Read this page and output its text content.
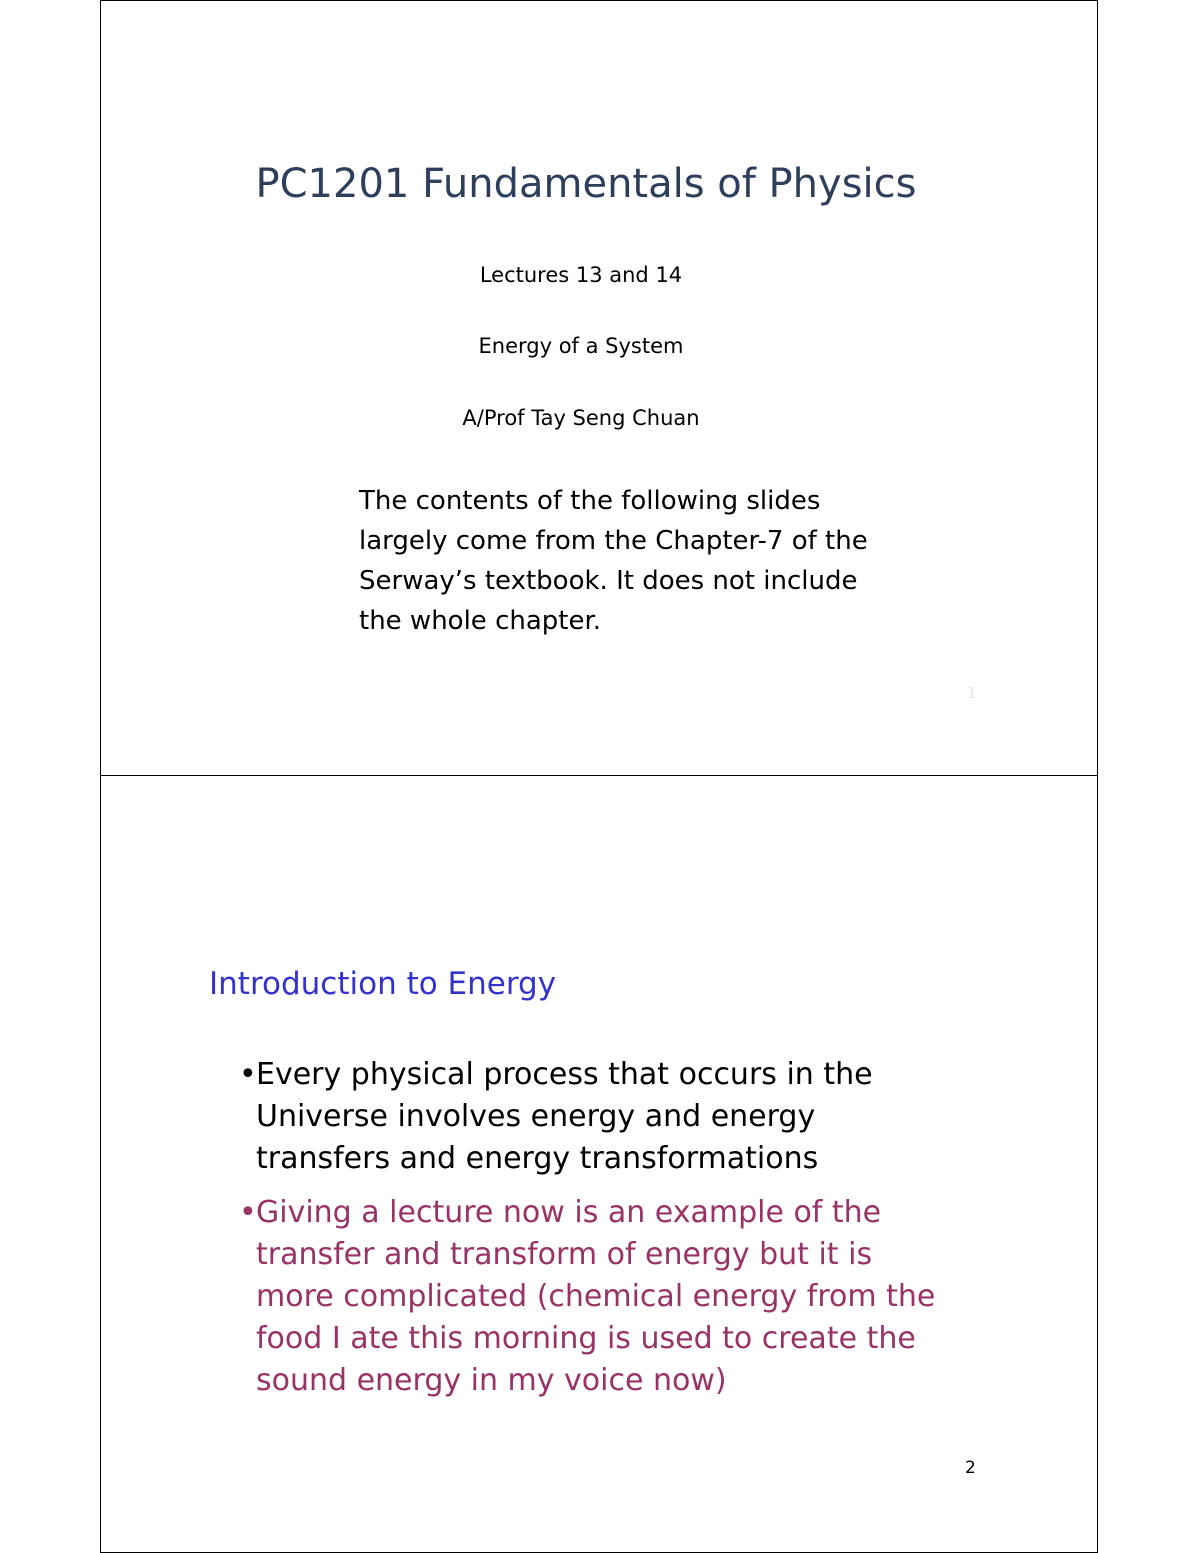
PC1201 Fundamentals of Physics
Lectures 13 and 14
Energy of a System
A/Prof Tay Seng Chuan
The contents of the following slides largely come from the Chapter-7 of the Serway’s textbook. It does not include the whole chapter.
1
Introduction to Energy
• Every physical process that occurs in the Universe involves energy and energy transfers and energy transformations
• Giving a lecture now is an example of the transfer and transform of energy but it is more complicated (chemical energy from the food I ate this morning is used to create the sound energy in my voice now)
2
